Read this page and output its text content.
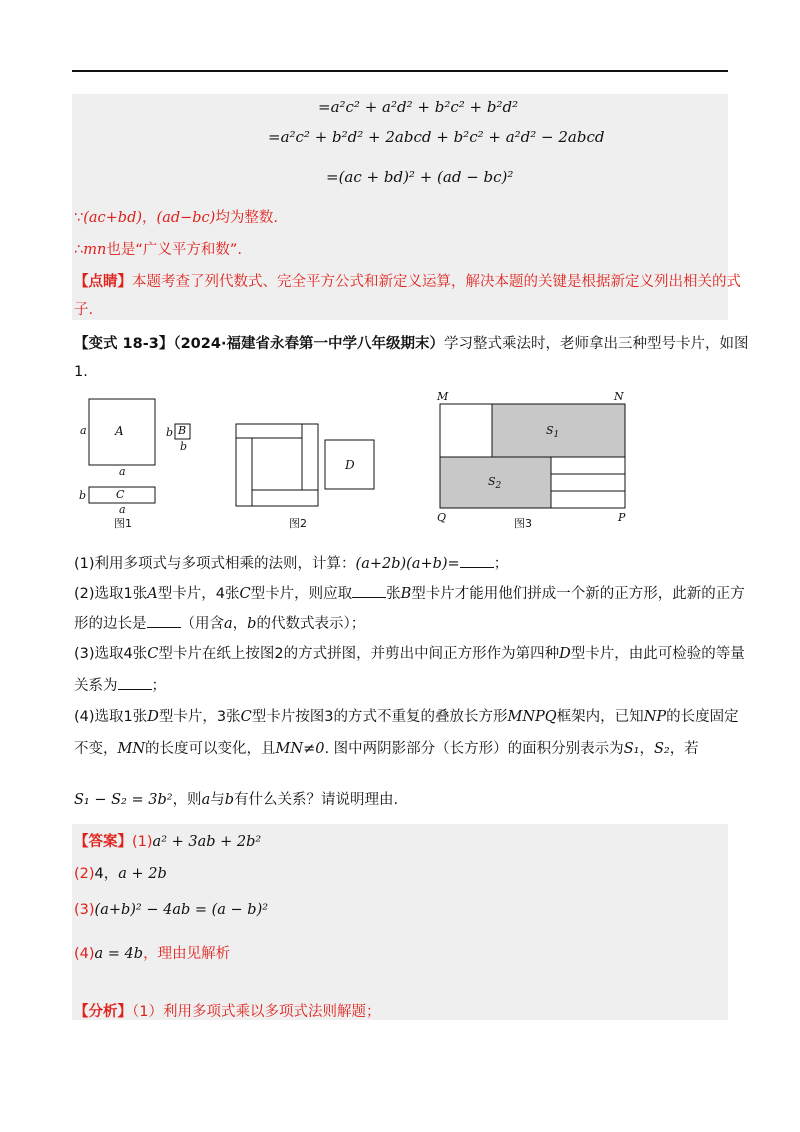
=a²c² + a²d² + b²c² + b²d²
=a²c² + b²d² + 2abcd + b²c² + a²d² − 2abcd
=(ac + bd)² + (ad − bc)²
∵(ac+bd)，(ad−bc)均为整数.
∴mn也是“广义平方和数”.
【点睛】本题考查了列代数式、完全平方公式和新定义运算，解决本题的关键是根据新定义列出相关的式
子.
【变式 18-3】（2024·福建省永春第一中学八年级期末）学习整式乘法时，老师拿出三种型号卡片，如图
1.
A
a
a
B
b
b
C
b
a
图1
D
图2
M	N
Q	P
$S_1$
$S_2$
图3
(1)利用多项式与多项式相乘的法则，计算：(a+2b)(a+b)= ；
(2)选取1张A型卡片，4张C型卡片，则应取 张B型卡片才能用他们拼成一个新的正方形，此新的正方
形的边长是 （用含a，b的代数式表示）；
(3)选取4张C型卡片在纸上按图2的方式拼图，并剪出中间正方形作为第四种D型卡片，由此可检验的等量
关系为 ；
(4)选取1张D型卡片，3张C型卡片按图3的方式不重复的叠放长方形MNPQ框架内，已知NP的长度固定
不变，MN的长度可以变化，且MN≠0. 图中两阴影部分（长方形）的面积分别表示为S₁，S₂，若
S₁ − S₂ = 3b²，则a与b有什么关系？请说明理由.
【答案】(1)a² + 3ab + 2b²
(2)4，a + 2b
(3)(a+b)² − 4ab = (a − b)²
(4)a = 4b，理由见解析
【分析】（1）利用多项式乘以多项式法则解题；
